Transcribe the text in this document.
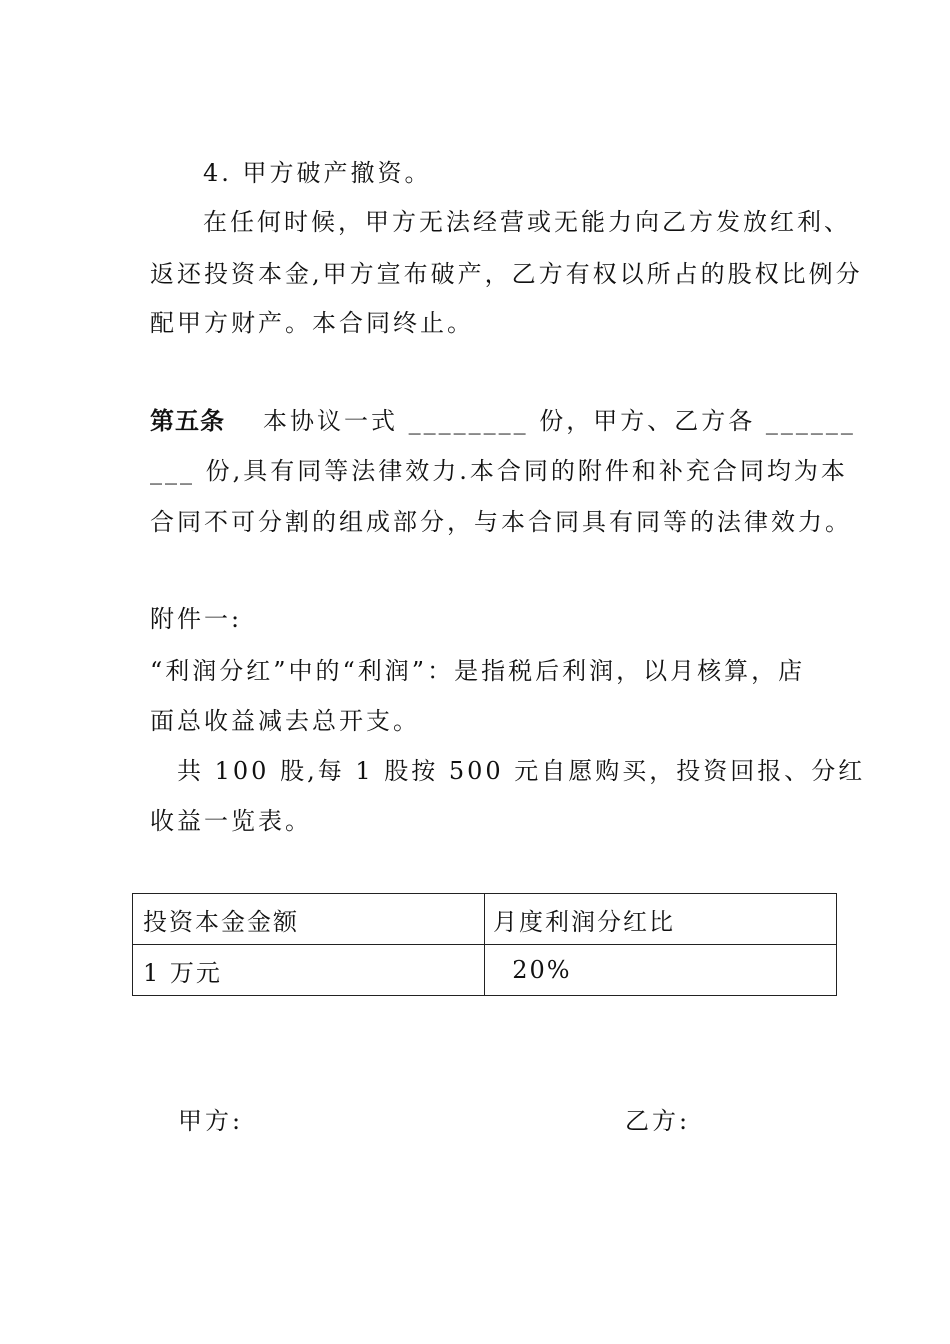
4. 甲方破产撤资。
在任何时候，甲方无法经营或无能力向乙方发放红利、
返还投资本金,甲方宣布破产，乙方有权以所占的股权比例分
配甲方财产。本合同终止。
第五条 本协议一式 ________ 份，甲方、乙方各 ______
___ 份,具有同等法律效力.本合同的附件和补充合同均为本
合同不可分割的组成部分，与本合同具有同等的法律效力。
附件一:
“利润分红”中的“利润”：是指税后利润，以月核算，店
面总收益减去总开支。
共 100 股,每 1 股按 500 元自愿购买，投资回报、分红
收益一览表。
投资本金金额	月度利润分红比
1 万元	20%
甲方:	乙方:
